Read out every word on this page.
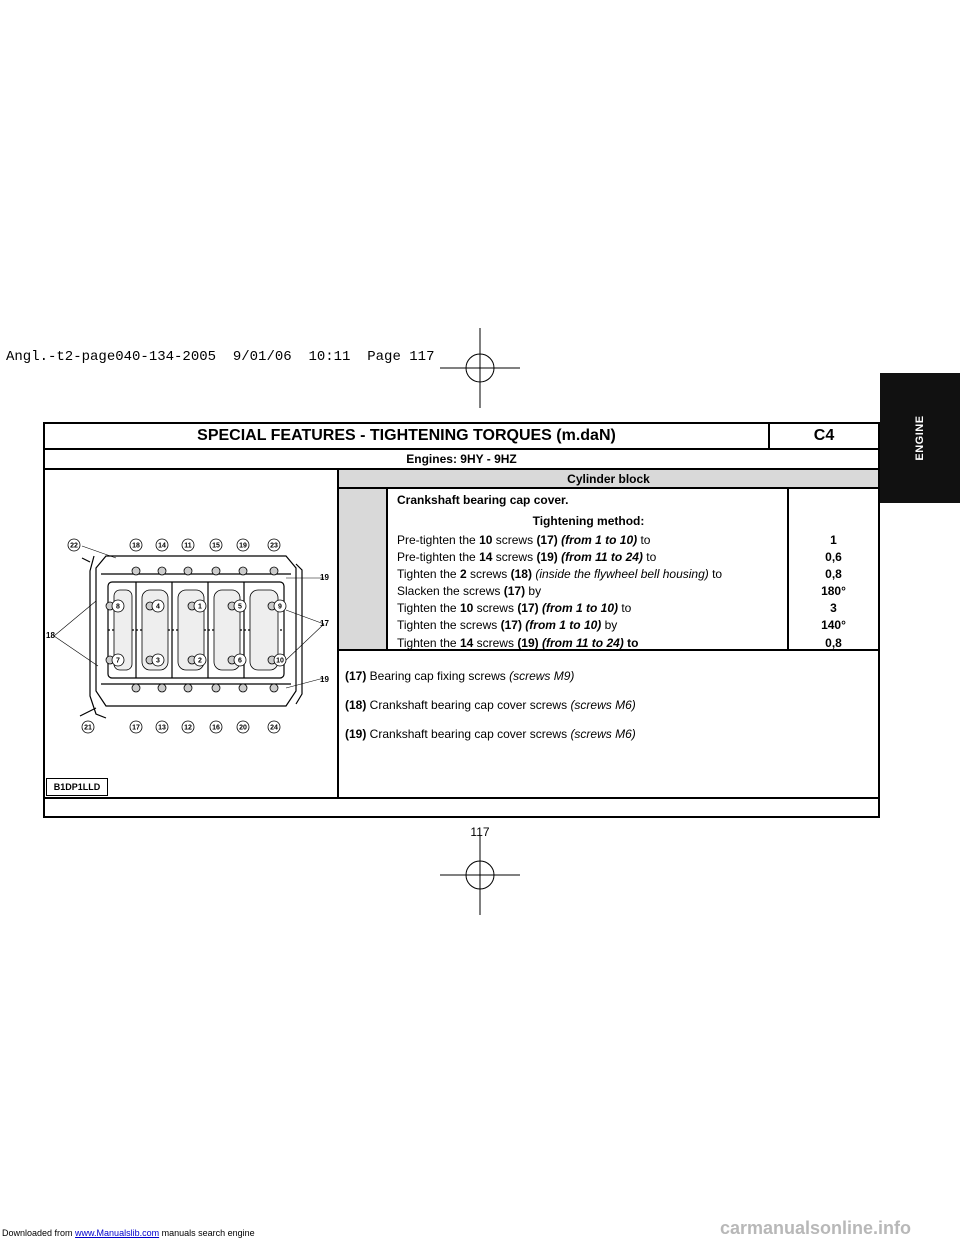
Angl.-t2-page040-134-2005  9/01/06  10:11  Page 117
ENGINE
SPECIAL FEATURES - TIGHTENING TORQUES (m.daN)	C4
Engines: 9HY - 9HZ
Cylinder block
Crankshaft bearing cap cover.
Tightening method:
Pre-tighten the 10 screws (17) (from 1 to 10) to	1
Pre-tighten the 14 screws (19) (from 11 to 24) to	0,6
Tighten the 2 screws (18) (inside the flywheel bell housing) to	0,8
Slacken the screws (17) by	180°
Tighten the 10 screws (17) (from 1 to 10) to	3
Tighten the screws (17) (from 1 to 10) by	140°
Tighten the 14 screws (19) (from 11 to 24) to	0,8
(17) Bearing cap fixing screws (screws M9)
(18) Crankshaft bearing cap cover screws (screws M6)
(19) Crankshaft bearing cap cover screws (screws M6)
22	18	14	11	15	19	23
21	17	13	12	16	20	24
8	4	1	5	9
7	3	2	6	10
18
19
17
19
B1DP1LLD
117
Downloaded from www.Manualslib.com manuals search engine	carmanualsonline.info
